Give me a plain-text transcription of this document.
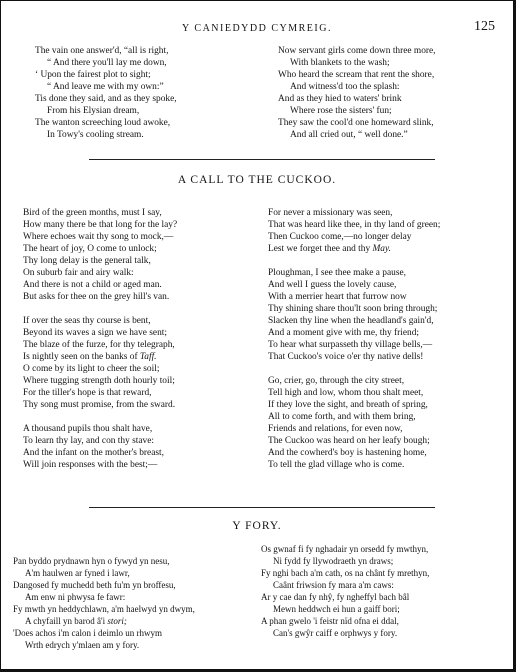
Y CANIEDYDD CYMREIG.	125
The vain one answer'd, “all is right,
“ And there you'll lay me down,
‘ Upon the fairest plot to sight;
“ And leave me with my own:”
Tis done they said, and as they spoke,
From his Elysian dream,
The wanton screeching loud awoke,
In Towy's cooling stream.
Now servant girls come down three more,
With blankets to the wash;
Who heard the scream that rent the shore,
And witness'd too the splash:
And as they hied to waters' brink
Where rose the sisters' fun;
They saw the cool'd one homeward slink,
And all cried out, “ well done.”
A CALL TO THE CUCKOO.
Bird of the green months, must I say,
How many there be that long for the lay?
Where echoes wait thy song to mock,—
The heart of joy, O come to unlock;
Thy long delay is the general talk,
On suburb fair and airy walk:
And there is not a child or aged man.
But asks for thee on the grey hill's van.
If over the seas thy course is bent,
Beyond its waves a sign we have sent;
The blaze of the furze, for thy telegraph,
Is nightly seen on the banks of Taff.
O come by its light to cheer the soil;
Where tugging strength doth hourly toil;
For the tiller's hope is that reward,
Thy song must promise, from the sward.
A thousand pupils thou shalt have,
To learn thy lay, and con thy stave:
And the infant on the mother's breast,
Will join responses with the best;—
For never a missionary was seen,
That was heard like thee, in thy land of green;
Then Cuckoo come,—no longer delay
Lest we forget thee and thy May.
Ploughman, I see thee make a pause,
And well I guess the lovely cause,
With a merrier heart that furrow now
Thy shining share thou'lt soon bring through;
Slacken thy line when the headland's gain'd,
And a moment give with me, thy friend;
To hear what surpasseth thy village bells,—
That Cuckoo's voice o'er thy native dells!
Go, crier, go, through the city street,
Tell high and low, whom thou shalt meet,
If they love the sight, and breath of spring,
All to come forth, and with them bring,
Friends and relations, for even now,
The Cuckoo was heard on her leafy bough;
And the cowherd's boy is hastening home,
To tell the glad village who is come.
Y FORY.
Pan byddo prydnawn hyn o fywyd yn nesu,
A'm haulwen ar fyned i lawr,
Dangosed fy muchedd beth fu'm yn broffesu,
Am enw ni phwysa fe fawr:
Fy mwth yn heddychlawn, a'm haelwyd yn dwym,
A chyfaill yn barod â'i stori;
'Does achos i'm calon i deimlo un rhwym
Wrth edrych y'mlaen am y fory.
Os gwnaf fi fy nghadair yn orsedd fy mwthyn,
Ni fydd fy llywodraeth yn draws;
Fy nghi bach a'm cath, os na chânt fy mrethyn,
Caânt friwsion fy mara a'm caws:
Ar y cae dan fy nhŷ, fy ngheffyl bach bâl
Mewn heddwch ei hun a gaiff bori;
A phan gwelo 'i feistr nïd ofna ei ddal,
Can's gwŷr caiff e orphwys y fory.
